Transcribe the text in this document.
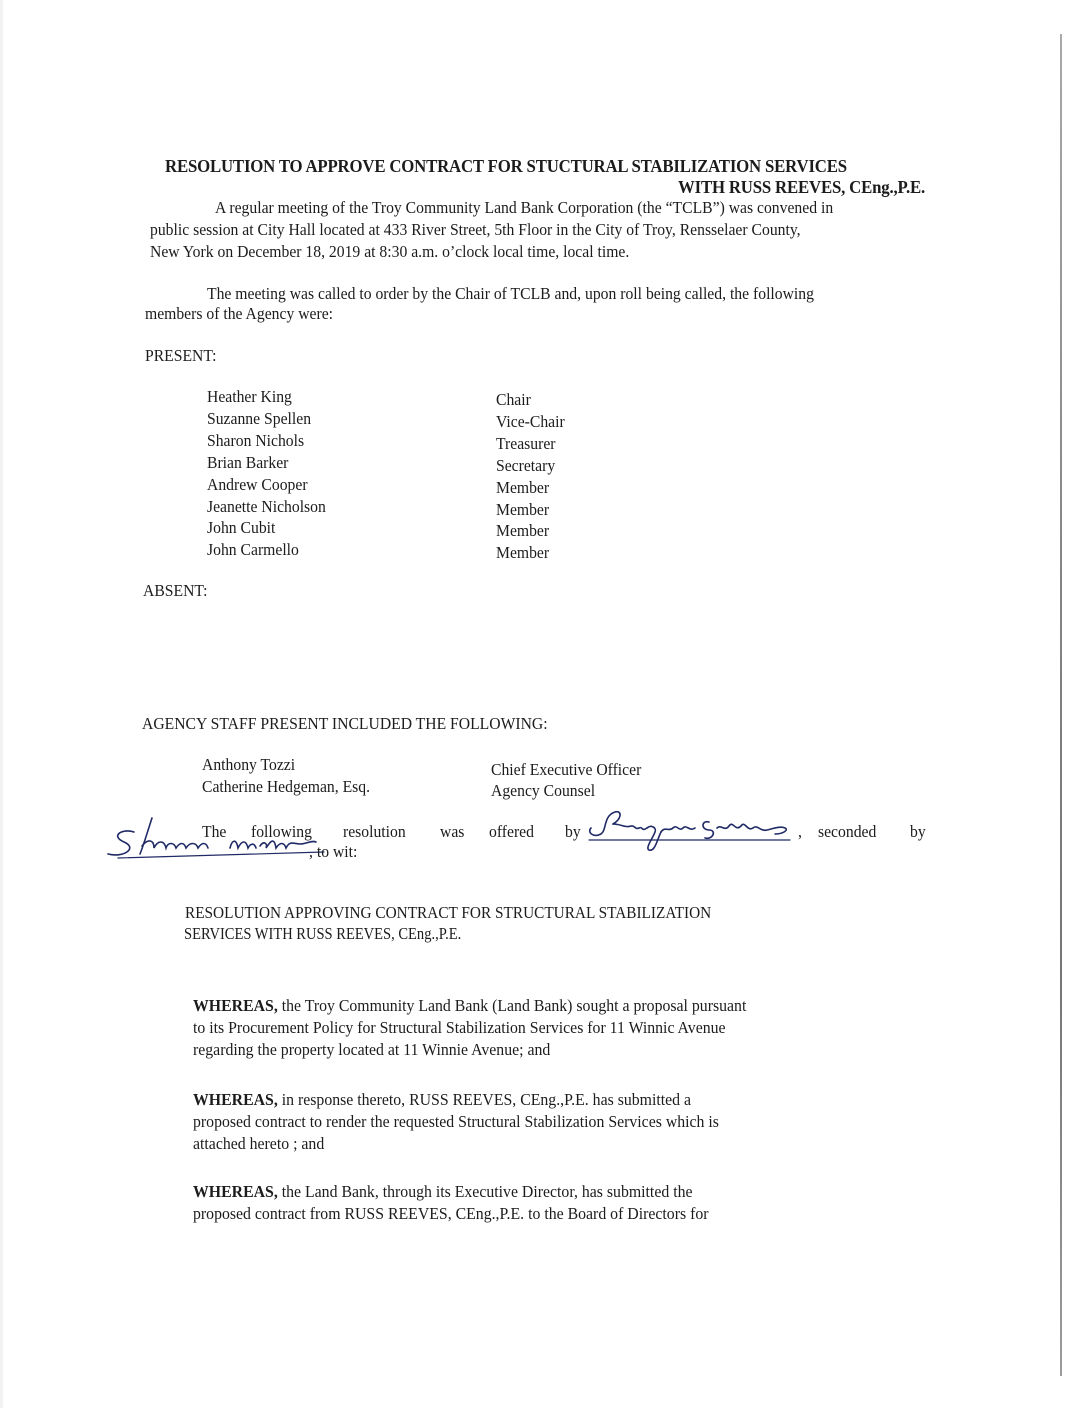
RESOLUTION TO APPROVE CONTRACT FOR STUCTURAL STABILIZATION SERVICES
WITH RUSS REEVES, CEng.,P.E.
A regular meeting of the Troy Community Land Bank Corporation (the “TCLB”) was convened in
public session at City Hall located at 433 River Street, 5th Floor in the City of Troy, Rensselaer County,
New York on December 18, 2019 at 8:30 a.m. o’clock local time, local time.
The meeting was called to order by the Chair of TCLB and, upon roll being called, the following
members of the Agency were:
PRESENT:
Heather King	Chair
Suzanne Spellen	Vice-Chair
Sharon Nichols	Treasurer
Brian Barker	Secretary
Andrew Cooper	Member
Jeanette Nicholson	Member
John Cubit	Member
John Carmello	Member
ABSENT:
AGENCY STAFF PRESENT INCLUDED THE FOLLOWING:
Anthony Tozzi	Chief Executive Officer
Catherine Hedgeman, Esq.	Agency Counsel
The following resolution was offered by	, seconded by
, to wit:
RESOLUTION APPROVING CONTRACT FOR STRUCTURAL STABILIZATION
SERVICES WITH RUSS REEVES, CEng.,P.E.
WHEREAS, the Troy Community Land Bank (Land Bank) sought a proposal pursuant
to its Procurement Policy for Structural Stabilization Services for 11 Winnic Avenue
regarding the property located at 11 Winnie Avenue; and
WHEREAS, in response thereto, RUSS REEVES, CEng.,P.E. has submitted a
proposed contract to render the requested Structural Stabilization Services which is
attached hereto ; and
WHEREAS, the Land Bank, through its Executive Director, has submitted the
proposed contract from RUSS REEVES, CEng.,P.E. to the Board of Directors for
